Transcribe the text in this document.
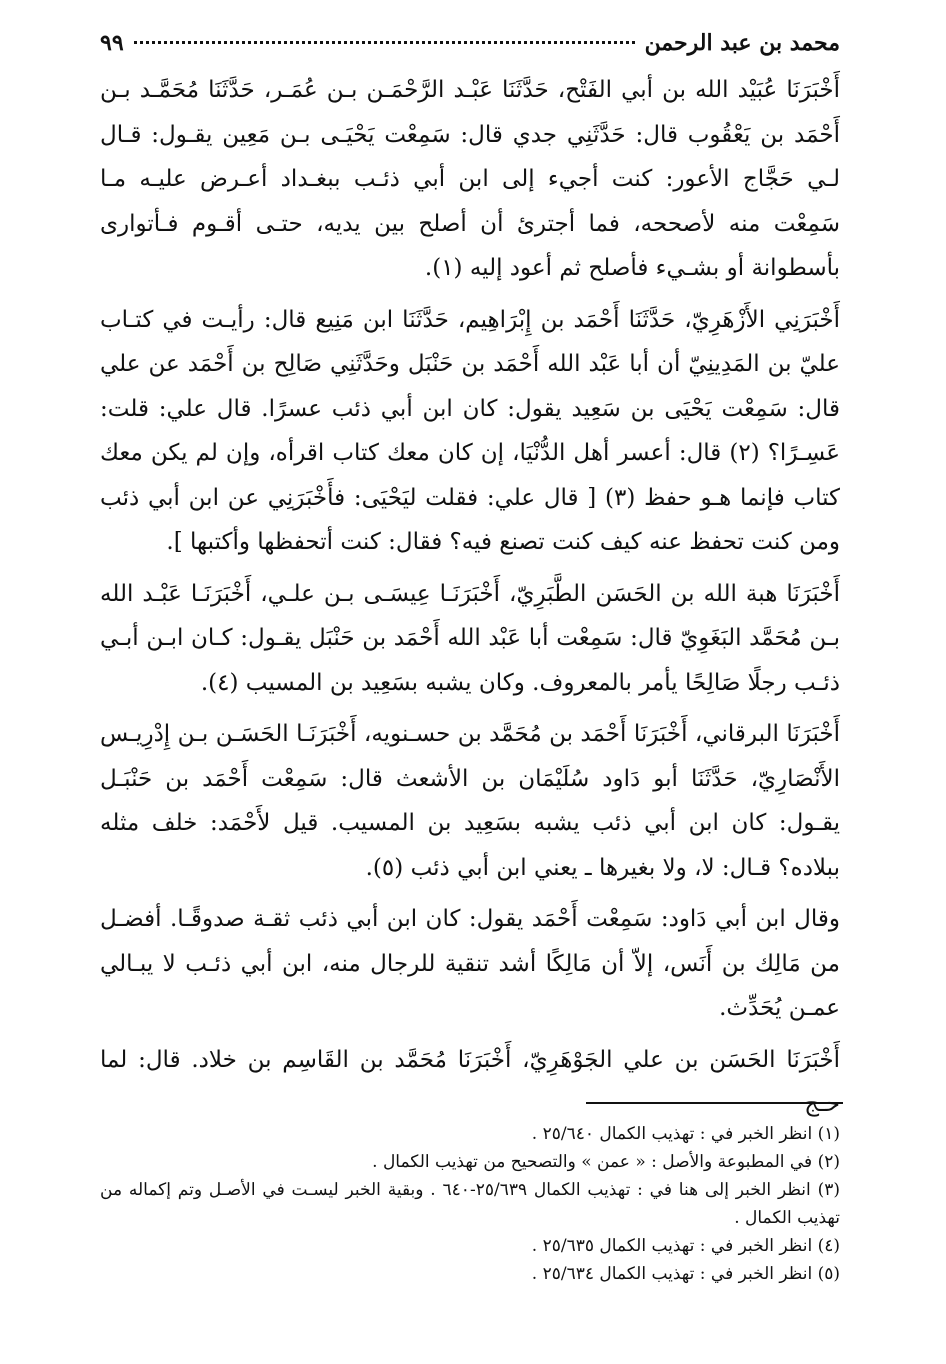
محمد بن عبد الرحمن
٩٩

أَخْبَرَنَا عُبَيْد الله بن أبي الفَتْح، حَدَّثَنَا عَبْـد الرَّحْمَـن بـن عُمَـر، حَدَّثَنَا مُحَمَّـد بـن أَحْمَد بن يَعْقُوب قال: حَدَّثَنِي جدي قال: سَمِعْت يَحْيَـى بـن مَعِين يقـول: قـال لـي حَجَّاج الأعور: كنت أجيء إلى ابن أبي ذئـب ببغـداد أعـرض عليـه مـا سَمِعْت منه لأصححه، فما أجترئ أن أصلح بين يديه، حتـى أقـوم فـأتوارى بأسطوانة أو بشـيء فأصلح ثم أعود إليه (١).

أَخْبَرَنِي الأَزْهَرِيّ، حَدَّثَنَا أَحْمَد بن إِبْرَاهِيم، حَدَّثَنَا ابن مَنِيع قال: رأيـت في كتـاب عليّ بن المَدِينِيّ أن أبا عَبْد الله أَحْمَد بن حَنْبَل وحَدَّثَنِي صَالِح بن أَحْمَد عن علي قال: سَمِعْت يَحْيَى بن سَعِيد يقول: كان ابن أبي ذئب عسرًا. قال علي: قلت: عَسِـرًا؟ (٢) قال: أعسر أهل الدُّنْيَا، إن كان معك كتاب اقرأه، وإن لم يكن معك كتاب فإنما هـو حفظ (٣) [ قال علي: فقلت ليَحْيَى: فأَخْبَرَنِي عن ابن أبي ذئب ومن كنت تحفظ عنه كيف كنت تصنع فيه؟ فقال: كنت أتحفظها وأكتبها ].

أَخْبَرَنَا هبة الله بن الحَسَن الطَّبَرِيّ، أَخْبَرَنَـا عِيسَـى بـن علـي، أَخْبَرَنَـا عَبْـد الله بـن مُحَمَّد البَغَوِيّ قال: سَمِعْت أبا عَبْد الله أَحْمَد بن حَنْبَل يقـول: كـان ابـن أبـي ذئـب رجلًا صَالِحًا يأمر بالمعروف. وكان يشبه بسَعِيد بن المسيب (٤).

أَخْبَرَنَا البرقاني، أَخْبَرَنَا أَحْمَد بن مُحَمَّد بن حسـنويه، أَخْبَرَنَـا الحَسَـن بـن إِدْرِيـس الأَنْصَارِيّ، حَدَّثَنَا أبو دَاود سُلَيْمَان بن الأشعث قال: سَمِعْت أَحْمَد بن حَنْبَـل يقـول: كان ابن أبي ذئب يشبه بسَعِيد بن المسيب. قيل لأَحْمَد: خلف مثله ببلاده؟ قـال: لا، ولا بغيرها ـ يعني ابن أبي ذئب (٥).

وقال ابن أبي دَاود: سَمِعْت أَحْمَد يقول: كان ابن أبي ذئب ثقـة صدوقًـا. أفضـل من مَالِك بن أَنَس، إلاّ أن مَالِكًا أشد تنقية للرجال منه، ابن أبي ذئـب لا يبـالي عمـن يُحَدِّث.

أَخْبَرَنَا الحَسَن بن علي الجَوْهَرِيّ، أَخْبَرَنَا مُحَمَّد بن القَاسِم بن خلاد. قال: لما حـج

(١) انظر الخبر في : تهذيب الكمال ٢٥/٦٤٠ .

(٢) في المطبوعة والأصل : « عمن » والتصحيح من تهذيب الكمال .

(٣) انظر الخبر إلى هنا في : تهذيب الكمال ٢٥/٦٣٩-٦٤٠ . وبقية الخبر ليسـت في الأصـل وتم إكماله من تهذيب الكمال .

(٤) انظر الخبر في : تهذيب الكمال ٢٥/٦٣٥ .

(٥) انظر الخبر في : تهذيب الكمال ٢٥/٦٣٤ .
